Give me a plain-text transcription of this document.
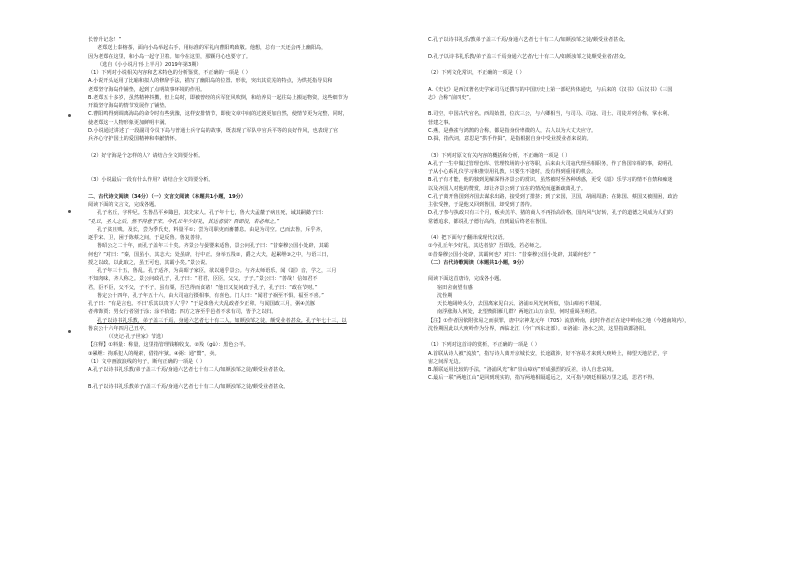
长曾升记念！”
老郑送上泰榕茶，面向小岛举起右手，用标准的军礼向曹阳鸣致敬。他想，总有一天还会再上幽阳岛，
因为老郑在这里，和小岛一起守卫着。如今在这里，那颗丹心也要守了。
（选自《小小说月刊·上半月》2019年第3期）
（1）下列对小说相关内容和艺术特色的分析鉴赏，不正确的一项是（ ）
A.小说开头运用了比喻和拟人的修辞手法，描写了幽阳岛的位置、形状，突出其荒芜的特点，为烘托指导员和
老郑坚守海岛作铺垫，起到了点明故事环境的作用。
B.老郑五十多岁，虽然精神抖擞，但上岛时，即被曾经的兵军狂风吹倒，和给养员一起往岛上搬运物资，这些细节为
开篇坚守海岛的情节发展作了铺垫。
C.曹阳鸣得到调离海岛的命令时有些犹豫，这样安排情节，即使文章中间的过渡更加自然，使情节更为完整，同时，
使老郑这一人物形象更加鲜明丰满。
D.小说通过讲述了一段副司令员下岛与普通士兵守岛的故事，既表现了军队中官兵平等的良好作风，也表现了官
兵齐心守护国土的爱国精神和奉献情怀。
（2）好守海是个怎样的人？请结合全文简要分析。
（3）小说最后一段有什么作用？请结合全文简要分析。
二、古代诗文阅读（34分）（一）文言文阅读（本题共1小题，19分）
阅读下面的文言文，完成各题。
孔子名丘，字仲尼。生鲁昌平乡陬邑，其先宋人。孔子年十七，鲁大夫孟釐子病且死，诫其嗣懿子曰：
“孔丘，圣人之后，然不得意于宋。今孔丘年少好礼，其达者欤？吾即没，若必师之。”
孔子贫且贱。及长，尝为季氏史，料量平①；尝为司职吏而畜蕃息。由是为司空。已而去鲁，斥乎齐，
逐乎宋、卫，困于陈蔡之间，于是反鲁。鲁复善待。
鲁昭公之二十年，而孔子盖年三十矣。齐景公与晏婴来适鲁，景公问孔子曰：“昔秦穆公国小处辟，其霸
何也？”对曰：“秦，国虽小，其志大；处虽辟，行中正。身举五羖②，爵之大夫，起累绁③之中，与语三日，
授之以政。以此取之，虽王可也，其霸小矣。”景公说。
孔子年三十五，鲁乱。孔子适齐，为高昭子家臣，欲以通乎景公。与齐太师语乐，闻《韶》音，学之，三月
不知肉味，齐人称之。景公问政孔子，孔子曰：“君君，臣臣，父父，子子。”景公曰：“善哉！信如君不
君，臣不臣，父不父，子不子，虽有粟，吾岂得而食诸！”他日又复问政于孔子，孔子曰：“政在节财。”
鲁定公十四年，孔子年五十六，由大司寇行摄相事，有喜色。门人曰：“闻君子祸至不惧，福至不喜。”
孔子曰：“有是言也。不曰‘乐其以贵下人’乎？”于是诛鲁大夫乱政者少正卯。与闻国政三月，粥④羔豚
者弗饰贾；男女行者别于涂；涂不拾遗；四方之客至乎邑者不求有司，皆予之以归。
孔子以诗书礼乐教，弟子盖三千焉，身通六艺者七十有二人。如颜浊邹之徒，颇受业者甚众。孔子年七十三，以
鲁哀公十六年四月己丑卒。
（《史记·孔子世家》节选）
【注释】①料量：称量，这里指管理钱粮收支。②羖（gǔ）：黑色公羊。
③累绁：拘系犯人的绳索，借指牢狱。④粥：通“鬻”，卖。
（1）文中画波浪线的句子，断句正确的一项是（ ）
A.孔子以诗书礼乐教/弟子盖三千焉/身通六艺者七十有二人/如颜浊邹之徒/颇受业者甚众。
B.孔子以诗书礼乐教弟子/盖三千焉/身通六艺者七十有二人/如颜浊邹之徒/颇受业者甚众。
C.孔子以诗书礼乐/教弟子盖三千焉/身通六艺者七十有二人/如颜浊邹之徒/颇受业者甚众。
D.孔子以诗书礼乐教/弟子盖三千焉身通六艺者/七十有二人/如颜浊邹之徒颇受业者/甚众。
（2）下列文化常识，不正确的一项是（ ）
A.《史记》是西汉著名史学家司马迁撰写的中国历史上第一部纪传体通史，与后来的《汉书》《后汉书》《三国
志》合称“前四史”。
B.司空，中国古代官名。西周始置，位次三公，与六卿相当，与司马、司寇、司士、司徒并列合称，掌水利、
营建之事。
C.燕，是燕雀与鸿鹄的合称，都是指身份卑微的人，古人以为大丈夫应守。
D.揖，指代词，意思是“拱手作揖”，是指根据自身中受业授业者来说的。
（3）下列对原文有关内容的概括和分析，不正确的一项是（ ）
A.孔子一生中做过管理仓库、管理牧场的小官等职，后来由大司寇代理丞相职务，作了鲁国宰相的事，说明孔
子从小心系礼仪学习和推崇用礼教，只要生不逢时，没有得到重用的机会。
B.孔子有才能，他的独到见解深得齐景公的赏识，虽然被时至各种诱惑，更受《韶》乐学习的情不自禁和痴迷
以及齐国人对他的赞赏，却让齐景公到了宜在的情况而遂渐疏离孔子。
C.孔子离开鲁国到齐国去谋求出路，接受到了排挤；到了宋国，卫国，胡闹周游；在陈国、蔡国又被围困，政治
主张受挫，于是他又回到鲁国，却受到了善待。
D.孔子参与执政只有三个月，贩卖羔羊、猪的商人不再抬高价格，国内风气好转，孔子的道德之风成为人们的
常德追求，都说孔子德行高尚，直到最后终老在鲁国。
（4）把下面句子翻译成现代汉语。
①今孔丘年少好礼，其达者欤？吾即没，若必师之。
②昔秦穆公国小处辟，其霸何也？对曰：“昔秦穆公国小处辟，其霸何也？”
（二）古代诗歌阅读（本题共1小题，9分）
阅读下面这首唐诗，完成各小题。
宿田舍南望有感
沈佺期
天长地阔岭头分，去国离家见白云。洛浦①风光何所似，崇山瘴疠不堪闻。
南浮涨海人何处，北望衡阳雁几群？两地江山万余里，何时重谒圣明君。
【注】①作者因依附张易之而获罪，唐中宗神龙元年（705）流放岭南，此时作者正在途中岭南之地（今越南境内），
沈佺期因此以大庾岭作为分界，西临北江（今广西东北部）。②洛浦：洛水之滨，这里指故都洛阳。
（1）下列对这首诗的赏析，不正确的一项是（ ）
A.首联从诗人被“流放”，指写诗人离开京城长安，长途跋涉，好不容易才来到大庾岭上，柿望天地茫茫，宇
宙之间浑无边。
B.颔联运用比较的手法，“洛浦风光”和“崇山瘴疠”形成强烈的反差，诗人自悲哀境。
C.最后一联“两地江山”是回到现实的，指写两地相隔遥远之，又可指与朝廷相隔万里之遥，思君不得。
